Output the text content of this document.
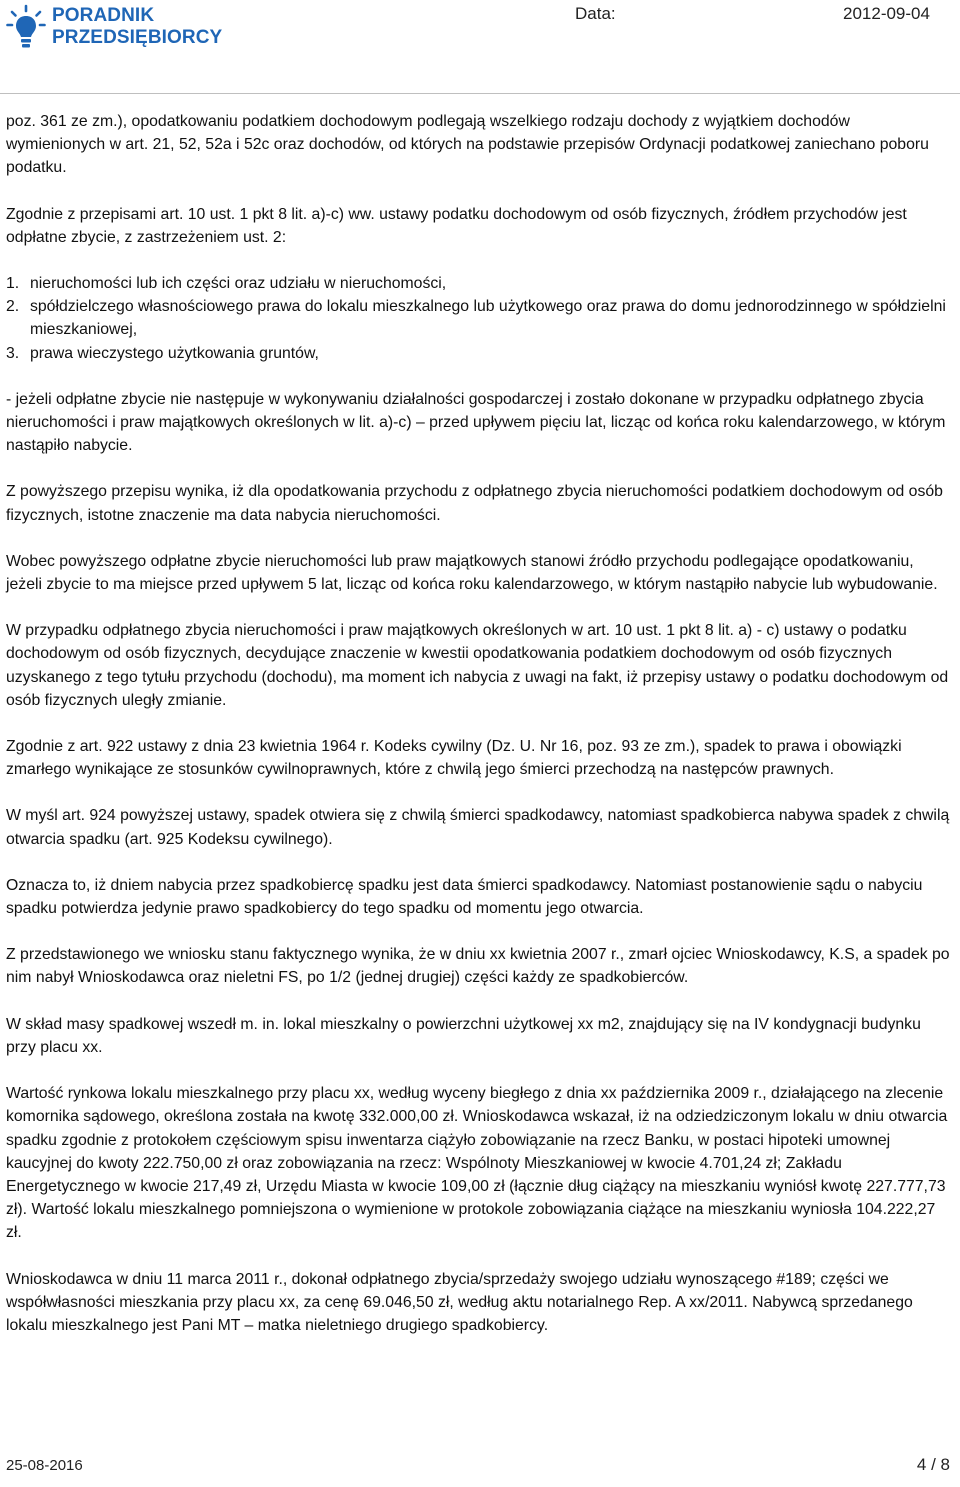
PORADNIK
PRZEDSIĘBIORCY
Data:	2012-09-04

poz. 361 ze zm.), opodatkowaniu podatkiem dochodowym podlegają wszelkiego rodzaju dochody z wyjątkiem dochodów wymienionych w art. 21, 52, 52a i 52c oraz dochodów, od których na podstawie przepisów Ordynacji podatkowej zaniechano poboru podatku.

Zgodnie z przepisami art. 10 ust. 1 pkt 8 lit. a)-c) ww. ustawy podatku dochodowym od osób fizycznych, źródłem przychodów jest odpłatne zbycie, z zastrzeżeniem ust. 2:

1. nieruchomości lub ich części oraz udziału w nieruchomości,
2. spółdzielczego własnościowego prawa do lokalu mieszkalnego lub użytkowego oraz prawa do domu jednorodzinnego w spółdzielni mieszkaniowej,
3. prawa wieczystego użytkowania gruntów,

- jeżeli odpłatne zbycie nie następuje w wykonywaniu działalności gospodarczej i zostało dokonane w przypadku odpłatnego zbycia nieruchomości i praw majątkowych określonych w lit. a)-c) – przed upływem pięciu lat, licząc od końca roku kalendarzowego, w którym nastąpiło nabycie.

Z powyższego przepisu wynika, iż dla opodatkowania przychodu z odpłatnego zbycia nieruchomości podatkiem dochodowym od osób fizycznych, istotne znaczenie ma data nabycia nieruchomości.

Wobec powyższego odpłatne zbycie nieruchomości lub praw majątkowych stanowi źródło przychodu podlegające opodatkowaniu, jeżeli zbycie to ma miejsce przed upływem 5 lat, licząc od końca roku kalendarzowego, w którym nastąpiło nabycie lub wybudowanie.

W przypadku odpłatnego zbycia nieruchomości i praw majątkowych określonych w art. 10 ust. 1 pkt 8 lit. a) - c) ustawy o podatku dochodowym od osób fizycznych, decydujące znaczenie w kwestii opodatkowania podatkiem dochodowym od osób fizycznych uzyskanego z tego tytułu przychodu (dochodu), ma moment ich nabycia z uwagi na fakt, iż przepisy ustawy o podatku dochodowym od osób fizycznych uległy zmianie.

Zgodnie z art. 922 ustawy z dnia 23 kwietnia 1964 r. Kodeks cywilny (Dz. U. Nr 16, poz. 93 ze zm.), spadek to prawa i obowiązki zmarłego wynikające ze stosunków cywilnoprawnych, które z chwilą jego śmierci przechodzą na następców prawnych.

W myśl art. 924 powyższej ustawy, spadek otwiera się z chwilą śmierci spadkodawcy, natomiast spadkobierca nabywa spadek z chwilą otwarcia spadku (art. 925 Kodeksu cywilnego).

Oznacza to, iż dniem nabycia przez spadkobiercę spadku jest data śmierci spadkodawcy. Natomiast postanowienie sądu o nabyciu spadku potwierdza jedynie prawo spadkobiercy do tego spadku od momentu jego otwarcia.

Z przedstawionego we wniosku stanu faktycznego wynika, że w dniu xx kwietnia 2007 r., zmarł ojciec Wnioskodawcy, K.S, a spadek po nim nabył Wnioskodawca oraz nieletni FS, po 1/2 (jednej drugiej) części każdy ze spadkobierców.

W skład masy spadkowej wszedł m. in. lokal mieszkalny o powierzchni użytkowej xx m2, znajdujący się na IV kondygnacji budynku przy placu xx.

Wartość rynkowa lokalu mieszkalnego przy placu xx, według wyceny biegłego z dnia xx października 2009 r., działającego na zlecenie komornika sądowego, określona została na kwotę 332.000,00 zł. Wnioskodawca wskazał, iż na odziedziczonym lokalu w dniu otwarcia spadku zgodnie z protokołem częściowym spisu inwentarza ciążyło zobowiązanie na rzecz Banku, w postaci hipoteki umownej kaucyjnej do kwoty 222.750,00 zł oraz zobowiązania na rzecz: Wspólnoty Mieszkaniowej w kwocie 4.701,24 zł; Zakładu Energetycznego w kwocie 217,49 zł, Urzędu Miasta w kwocie 109,00 zł (łącznie dług ciążący na mieszkaniu wyniósł kwotę 227.777,73 zł). Wartość lokalu mieszkalnego pomniejszona o wymienione w protokole zobowiązania ciążące na mieszkaniu wyniosła 104.222,27 zł.

Wnioskodawca w dniu 11 marca 2011 r., dokonał odpłatnego zbycia/sprzedaży swojego udziału wynoszącego #189; części we współwłasności mieszkania przy placu xx, za cenę 69.046,50 zł, według aktu notarialnego Rep. A xx/2011. Nabywcą sprzedanego lokalu mieszkalnego jest Pani MT – matka nieletniego drugiego spadkobiercy.

25-08-2016	4 / 8
